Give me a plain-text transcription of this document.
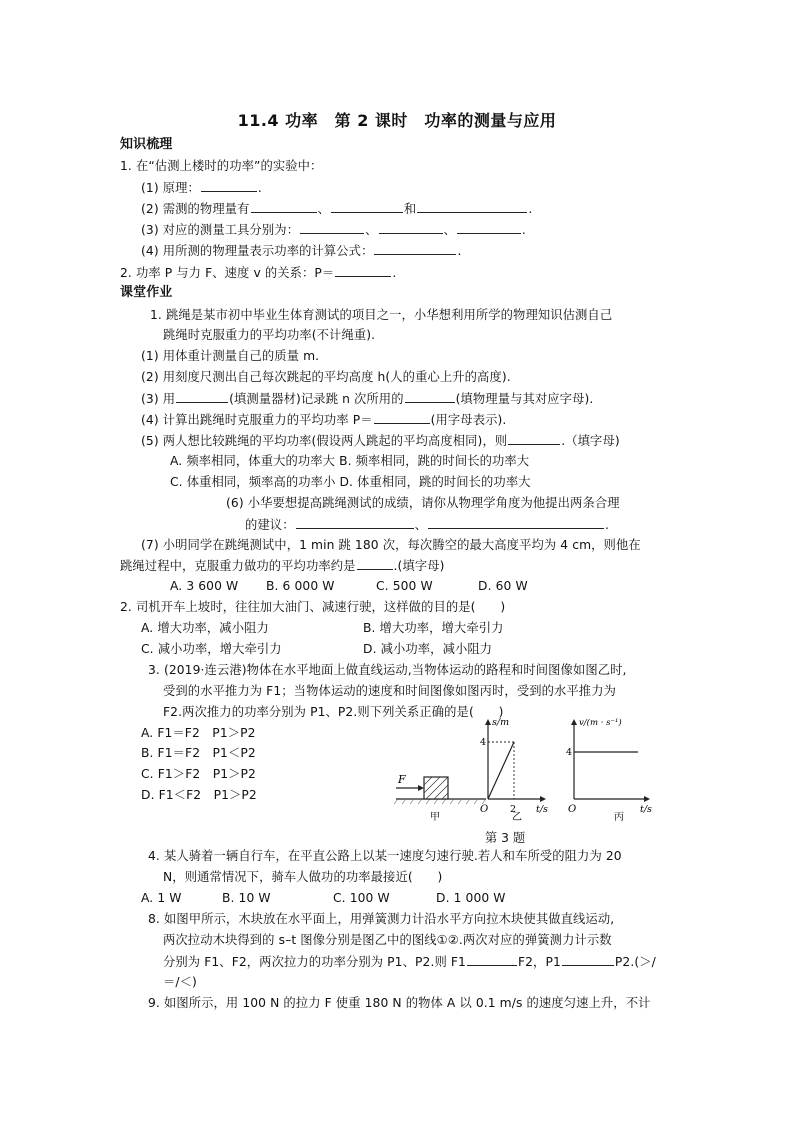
11.4 功率　第 2 课时　功率的测量与应用
知识梳理
1. 在“估测上楼时的功率”的实验中：
(1) 原理：	.
(2) 需测的物理量有	、	和	.
(3) 对应的测量工具分别为：	、	、	.
(4) 用所测的物理量表示功率的计算公式：	.
2. 功率 P 与力 F、速度 v 的关系：P＝	.
课堂作业
1. 跳绳是某市初中毕业生体育测试的项目之一，小华想利用所学的物理知识估测自己
跳绳时克服重力的平均功率(不计绳重).
(1) 用体重计测量自己的质量 m.
(2) 用刻度尺测出自己每次跳起的平均高度 h(人的重心上升的高度).
(3) 用	(填测量器材)记录跳 n 次所用的	(填物理量与其对应字母).
(4) 计算出跳绳时克服重力的平均功率 P＝	(用字母表示).
(5) 两人想比较跳绳的平均功率(假设两人跳起的平均高度相同)，则	.（填字母)
A. 频率相同，体重大的功率大 B. 频率相同，跳的时间长的功率大
C. 体重相同，频率高的功率小 D. 体重相同，跳的时间长的功率大
(6) 小华要想提高跳绳测试的成绩，请你从物理学角度为他提出两条合理
的建议：	、	.
(7) 小明同学在跳绳测试中，1 min 跳 180 次，每次腾空的最大高度平均为 4 cm，则他在
跳绳过程中，克服重力做功的平均功率约是	.(填字母)
A. 3 600 W B. 6 000 W	C. 500 W	D. 60 W
2. 司机开车上坡时，往往加大油门、减速行驶，这样做的目的是(　　)
A. 增大功率，减小阻力	B. 增大功率，增大牵引力
C. 减小功率，增大牵引力	D. 减小功率，减小阻力
3. (2019·连云港)物体在水平地面上做直线运动,当物体运动的路程和时间图像如图乙时,
受到的水平推力为 F1；当物体运动的速度和时间图像如图丙时，受到的水平推力为
F2.两次推力的功率分别为 P1、P2.则下列关系正确的是(　　)
A. F1＝F2　P1＞P2
B. F1＝F2　P1＜P2
C. F1＞F2　P1＞P2
D. F1＜F2　P1＞P2
F
甲
s/m
t/s
O
4
2
乙
v/(m · s⁻¹)
t/s
O
4
丙
第 3 题
4. 某人骑着一辆自行车，在平直公路上以某一速度匀速行驶.若人和车所受的阻力为 20
N，则通常情况下，骑车人做功的功率最接近(　　)
A. 1 W	B. 10 W	C. 100 W	D. 1 000 W
8. 如图甲所示，木块放在水平面上，用弹簧测力计沿水平方向拉木块使其做直线运动,
两次拉动木块得到的 s–t 图像分别是图乙中的图线①②.两次对应的弹簧测力计示数
分别为 F1、F2，两次拉力的功率分别为 P1、P2.则 F1	F2，P1	P2.(＞/
＝/＜)
9. 如图所示，用 100 N 的拉力 F 使重 180 N 的物体 A 以 0.1 m/s 的速度匀速上升，不计
